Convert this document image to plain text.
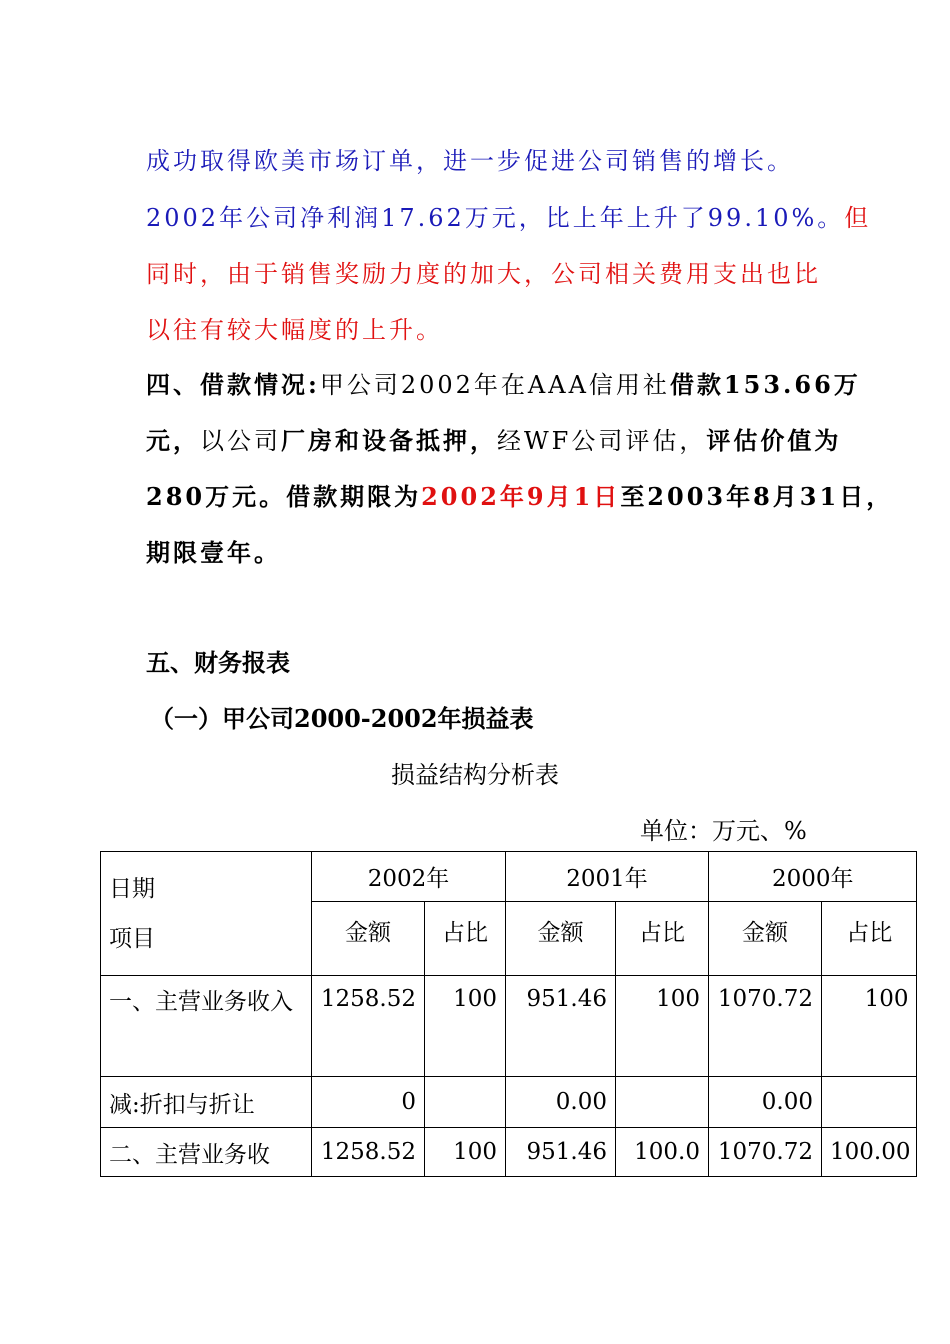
成功取得欧美市场订单，进一步促进公司销售的增长。
2002年公司净利润17.62万元，比上年上升了99.10%。但
同时，由于销售奖励力度的加大，公司相关费用支出也比
以往有较大幅度的上升。
四、借款情况:甲公司2002年在AAA信用社借款153.66万
元，以公司厂房和设备抵押，经WF公司评估，评估价值为
280万元。借款期限为2002年9月1日至2003年8月31日，
期限壹年。
五、财务报表
（一）甲公司2000-2002年损益表
损益结构分析表
单位：万元、%
日期
项目	2002年		2001年		2000年	
	金额	占比	金额	占比	金额	占比
一、主营业务收入	1258.52	100	951.46	100	1070.72	100
减:折扣与折让	0		0.00		0.00	
二、主营业务收	1258.52	100	951.46	100.0	1070.72	100.00
